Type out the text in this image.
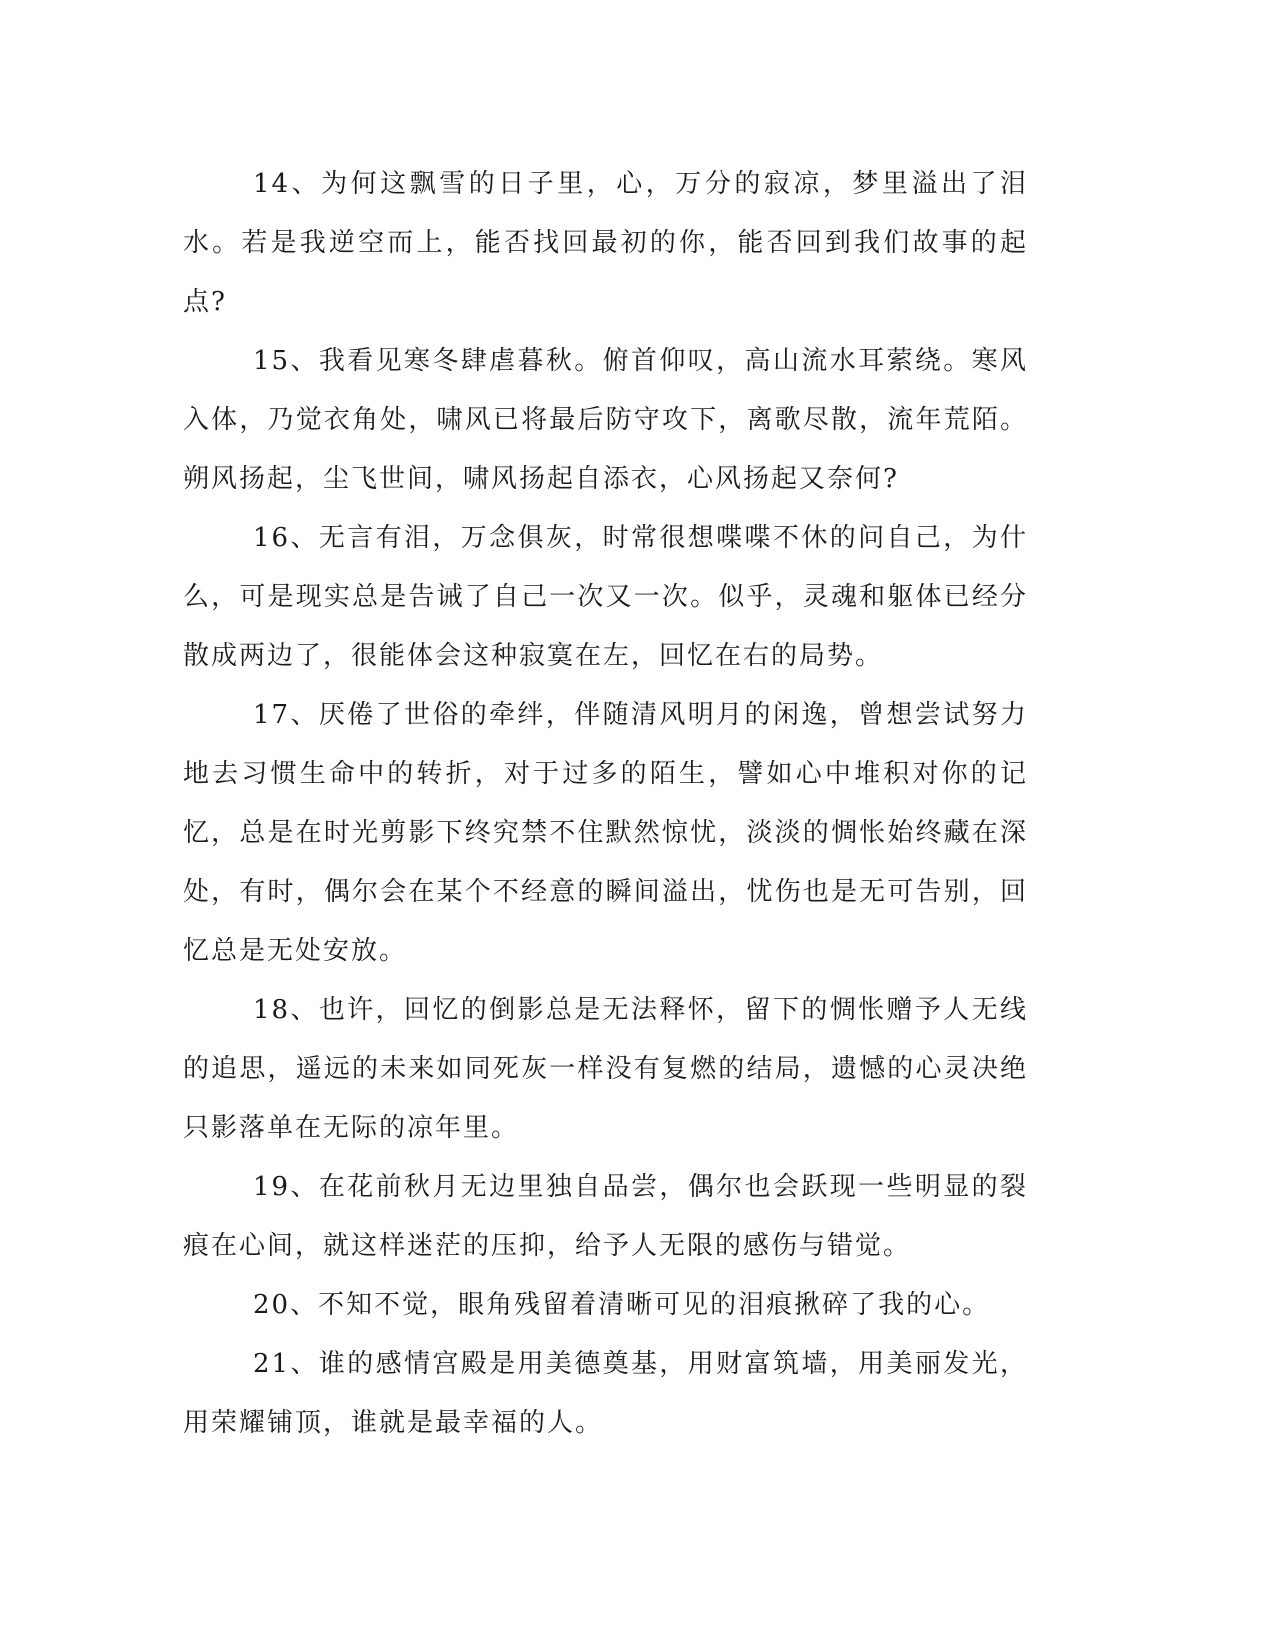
14、为何这飘雪的日子里，心，万分的寂凉，梦里溢出了泪水。若是我逆空而上，能否找回最初的你，能否回到我们故事的起点?

15、我看见寒冬肆虐暮秋。俯首仰叹，高山流水耳萦绕。寒风入体，乃觉衣角处，啸风已将最后防守攻下，离歌尽散，流年荒陌。朔风扬起，尘飞世间，啸风扬起自添衣，心风扬起又奈何?

16、无言有泪，万念俱灰，时常很想喋喋不休的问自己，为什么，可是现实总是告诫了自己一次又一次。似乎，灵魂和躯体已经分散成两边了，很能体会这种寂寞在左，回忆在右的局势。

17、厌倦了世俗的牵绊，伴随清风明月的闲逸，曾想尝试努力地去习惯生命中的转折，对于过多的陌生，譬如心中堆积对你的记忆，总是在时光剪影下终究禁不住默然惊忧，淡淡的惆怅始终藏在深处，有时，偶尔会在某个不经意的瞬间溢出，忧伤也是无可告别，回忆总是无处安放。

18、也许，回忆的倒影总是无法释怀，留下的惆怅赠予人无线的追思，遥远的未来如同死灰一样没有复燃的结局，遗憾的心灵决绝只影落单在无际的凉年里。

19、在花前秋月无边里独自品尝，偶尔也会跃现一些明显的裂痕在心间，就这样迷茫的压抑，给予人无限的感伤与错觉。

20、不知不觉，眼角残留着清晰可见的泪痕揪碎了我的心。

21、谁的感情宫殿是用美德奠基，用财富筑墙，用美丽发光，用荣耀铺顶，谁就是最幸福的人。
